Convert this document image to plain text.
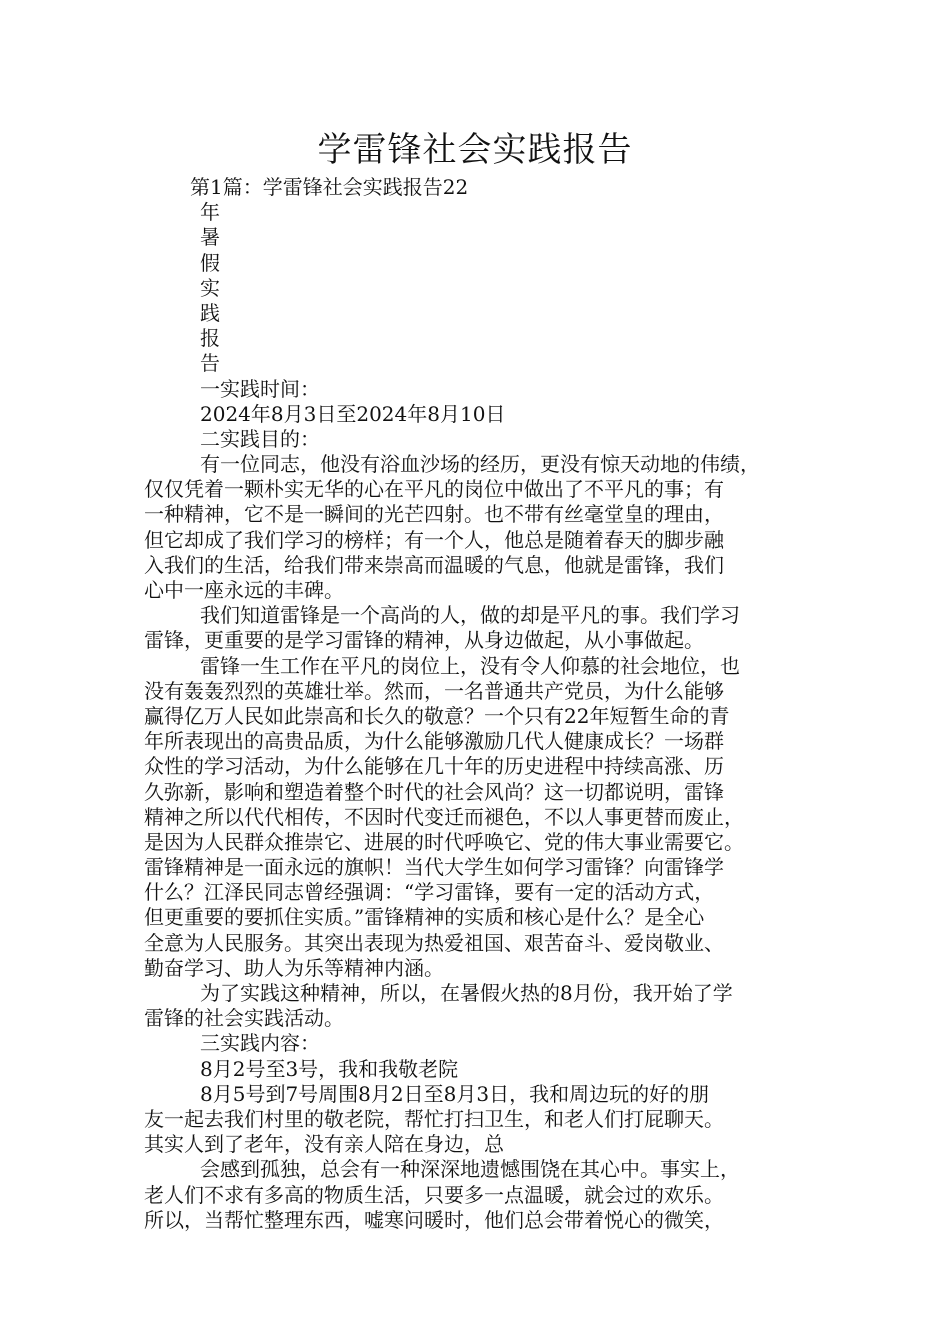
学雷锋社会实践报告
第1篇：学雷锋社会实践报告22
年
暑
假
实
践
报
告
一实践时间：
2024年8月3日至2024年8月10日
二实践目的：
有一位同志，他没有浴血沙场的经历，更没有惊天动地的伟绩，
仅仅凭着一颗朴实无华的心在平凡的岗位中做出了不平凡的事；有
一种精神，它不是一瞬间的光芒四射。也不带有丝毫堂皇的理由，
但它却成了我们学习的榜样；有一个人，他总是随着春天的脚步融
入我们的生活，给我们带来崇高而温暖的气息，他就是雷锋，我们
心中一座永远的丰碑。
我们知道雷锋是一个高尚的人，做的却是平凡的事。我们学习
雷锋，更重要的是学习雷锋的精神，从身边做起，从小事做起。
雷锋一生工作在平凡的岗位上，没有令人仰慕的社会地位，也
没有轰轰烈烈的英雄壮举。然而，一名普通共产党员，为什么能够
赢得亿万人民如此崇高和长久的敬意？一个只有22年短暂生命的青
年所表现出的高贵品质，为什么能够激励几代人健康成长？一场群
众性的学习活动，为什么能够在几十年的历史进程中持续高涨、历
久弥新，影响和塑造着整个时代的社会风尚？这一切都说明，雷锋
精神之所以代代相传，不因时代变迁而褪色，不以人事更替而废止，
是因为人民群众推崇它、进展的时代呼唤它、党的伟大事业需要它。
雷锋精神是一面永远的旗帜！当代大学生如何学习雷锋？向雷锋学
什么？江泽民同志曾经强调：“学习雷锋，要有一定的活动方式，
但更重要的要抓住实质。”雷锋精神的实质和核心是什么？是全心
全意为人民服务。其突出表现为热爱祖国、艰苦奋斗、爱岗敬业、
勤奋学习、助人为乐等精神内涵。
为了实践这种精神，所以，在暑假火热的8月份，我开始了学
雷锋的社会实践活动。
三实践内容：
8月2号至3号，我和我敬老院
8月5号到7号周围8月2日至8月3日，我和周边玩的好的朋
友一起去我们村里的敬老院，帮忙打扫卫生，和老人们打屁聊天。
其实人到了老年，没有亲人陪在身边，总
会感到孤独，总会有一种深深地遗憾围饶在其心中。事实上，
老人们不求有多高的物质生活，只要多一点温暖，就会过的欢乐。
所以，当帮忙整理东西，嘘寒问暖时，他们总会带着悦心的微笑，
